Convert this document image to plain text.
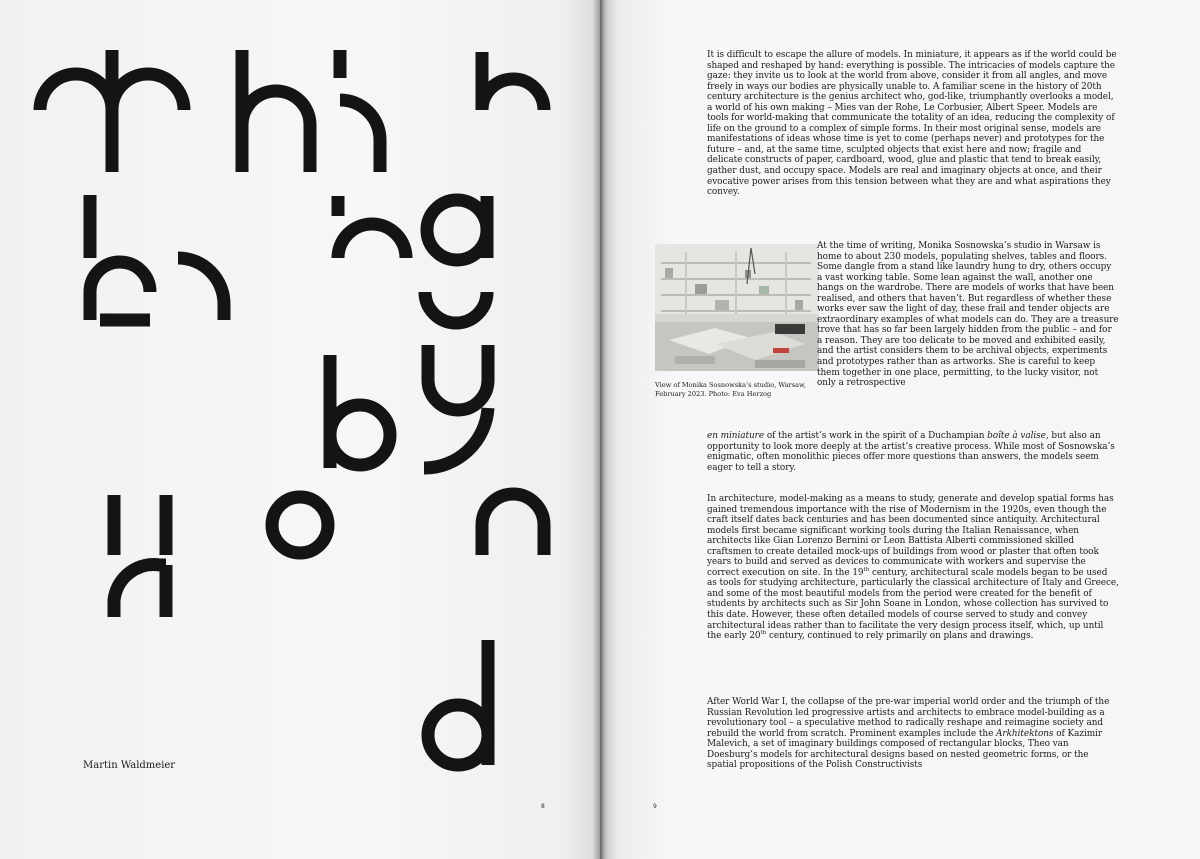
Martin Waldmeier
8	9

It is difficult to escape the allure of models. In miniature, it appears as if the world could be shaped and reshaped by hand: everything is possible. The intricacies of models capture the gaze: they invite us to look at the world from above, consider it from all angles, and move freely in ways our bodies are physically unable to. A familiar scene in the history of 20th century architecture is the genius architect who, god-like, triumphantly overlooks a model, a world of his own making – Mies van der Rohe, Le Corbusier, Albert Speer. Models are tools for world-making that communicate the totality of an idea, reducing the complexity of life on the ground to a complex of simple forms. In their most original sense, models are manifestations of ideas whose time is yet to come (perhaps never) and prototypes for the future – and, at the same time, sculpted objects that exist here and now; fragile and delicate constructs of paper, cardboard, wood, glue and plastic that tend to break easily, gather dust, and occupy space. Models are real and imaginary objects at once, and their evocative power arises from this tension between what they are and what aspirations they convey.

View of Monika Sosnowska’s studio, Warsaw, February 2023. Photo: Eva Herzog

At the time of writing, Monika Sosnowska’s studio in Warsaw is home to about 230 models, populating shelves, tables and floors. Some dangle from a stand like laundry hung to dry, others occupy a vast working table. Some lean against the wall, another one hangs on the wardrobe. There are models of works that have been realised, and others that haven’t. But regardless of whether these works ever saw the light of day, these frail and tender objects are extraordinary examples of what models can do. They are a treasure trove that has so far been largely hidden from the public – and for a reason. They are too delicate to be moved and exhibited easily, and the artist considers them to be archival objects, experiments and prototypes rather than as artworks. She is careful to keep them together in one place, permitting, to the lucky visitor, not only a retrospective

en miniature of the artist’s work in the spirit of a Duchampian boîte à valise, but also an opportunity to look more deeply at the artist’s creative process. While most of Sosnowska’s enigmatic, often monolithic pieces offer more questions than answers, the models seem eager to tell a story.

In architecture, model-making as a means to study, generate and develop spatial forms has gained tremendous importance with the rise of Modernism in the 1920s, even though the craft itself dates back centuries and has been documented since antiquity. Architectural models first became significant working tools during the Italian Renaissance, when architects like Gian Lorenzo Bernini or Leon Battista Alberti commissioned skilled craftsmen to create detailed mock-ups of buildings from wood or plaster that often took years to build and served as devices to communicate with workers and supervise the correct execution on site. In the 19th century, architectural scale models began to be used as tools for studying architecture, particularly the classical architecture of Italy and Greece, and some of the most beautiful models from the period were created for the benefit of students by architects such as Sir John Soane in London, whose collection has survived to this date. However, these often detailed models of course served to study and convey architectural ideas rather than to facilitate the very design process itself, which, up until the early 20th century, continued to rely primarily on plans and drawings.

After World War I, the collapse of the pre-war imperial world order and the triumph of the Russian Revolution led progressive artists and architects to embrace model-building as a revolutionary tool – a speculative method to radically reshape and reimagine society and rebuild the world from scratch. Prominent examples include the Arkhitektons of Kazimir Malevich, a set of imaginary buildings composed of rectangular blocks, Theo van Doesburg’s models for architectural designs based on nested geometric forms, or the spatial propositions of the Polish Constructivists
